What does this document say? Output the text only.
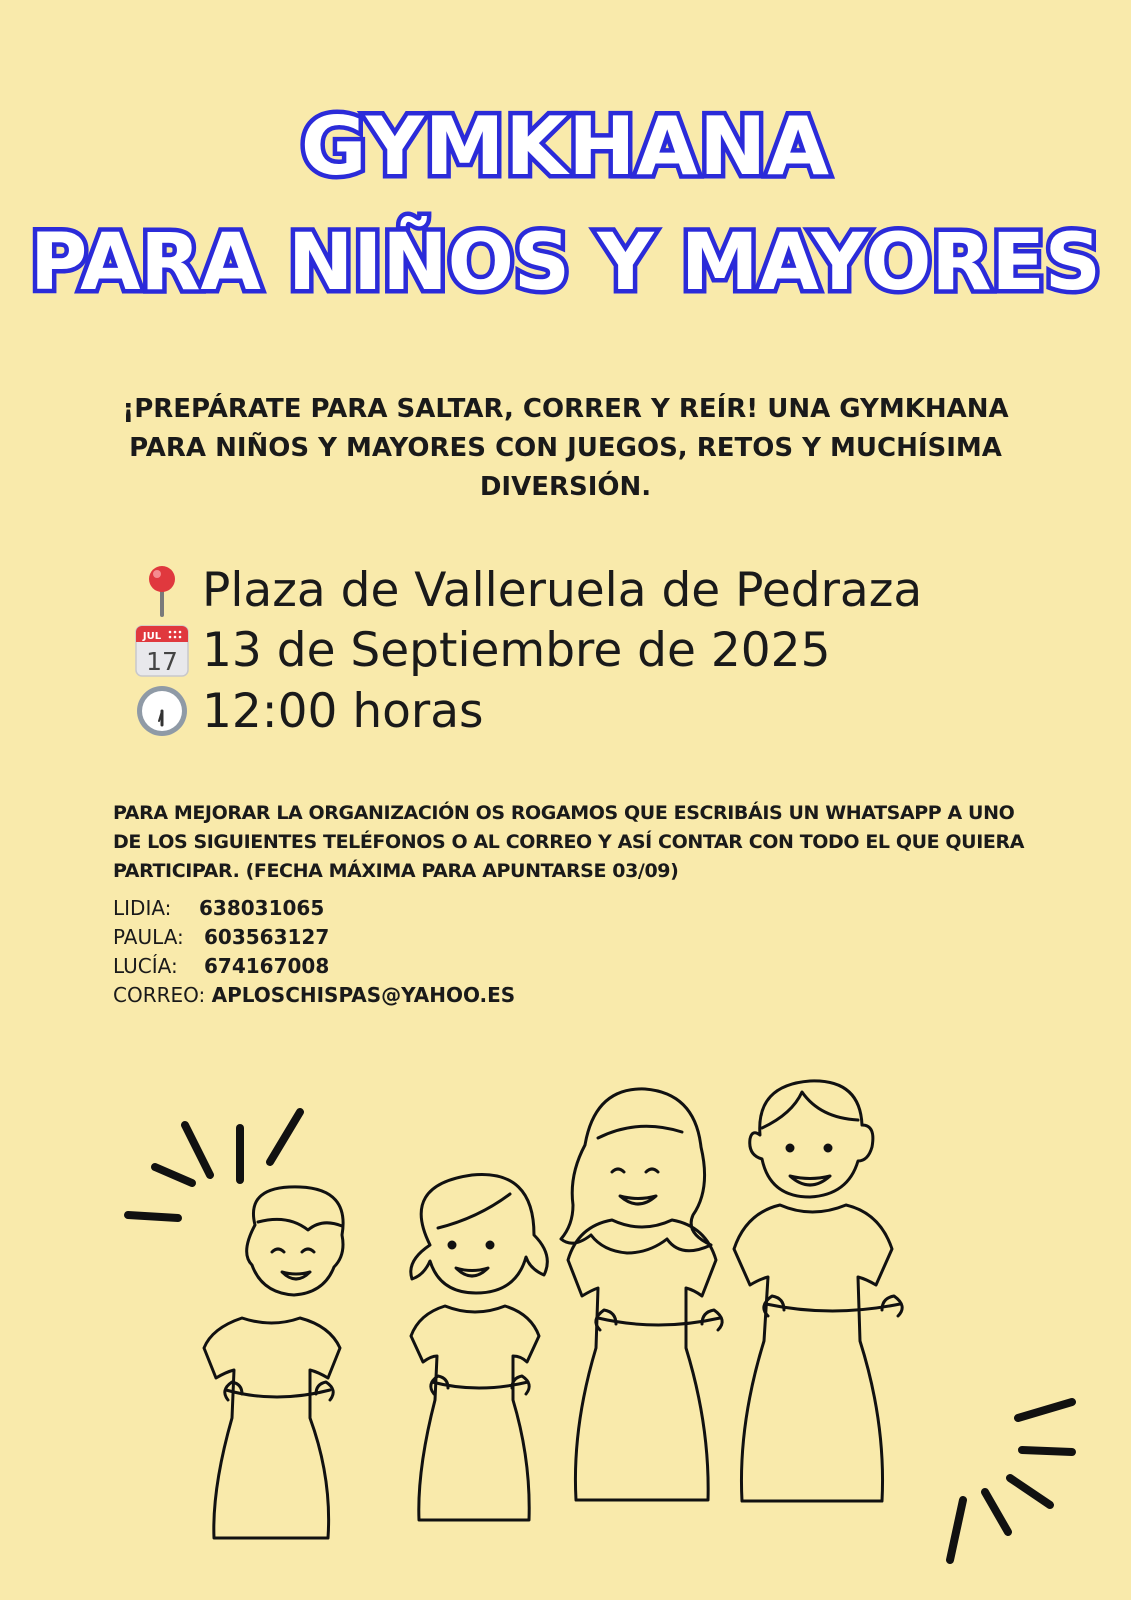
GYMKHANA
PARA NIÑOS Y MAYORES
¡PREPÁRATE PARA SALTAR, CORRER Y REÍR! UNA GYMKHANA PARA NIÑOS Y MAYORES CON JUEGOS, RETOS Y MUCHÍSIMA DIVERSIÓN.
Plaza de Valleruela de Pedraza
JUL
17 13 de Septiembre de 2025
12:00 horas
PARA MEJORAR LA ORGANIZACIÓN OS ROGAMOS QUE ESCRIBÁIS UN WHATSAPP A UNO DE LOS SIGUIENTES TELÉFONOS O AL CORREO Y ASÍ CONTAR CON TODO EL QUE QUIERA PARTICIPAR. (FECHA MÁXIMA PARA APUNTARSE 03/09)
LIDIA: 638031065
PAULA: 603563127
LUCÍA: 674167008
CORREO: APLOSCHISPAS@YAHOO.ES
